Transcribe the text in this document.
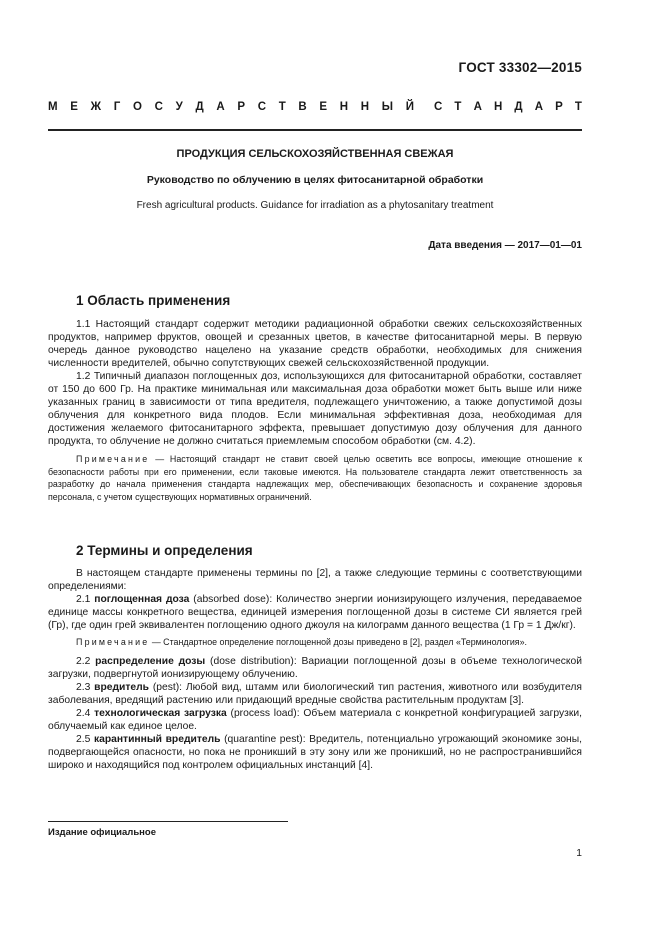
ГОСТ 33302—2015
М Е Ж Г О С У Д А Р С Т В Е Н Н Ы Й С Т А Н Д А Р Т
ПРОДУКЦИЯ СЕЛЬСКОХОЗЯЙСТВЕННАЯ СВЕЖАЯ
Руководство по облучению в целях фитосанитарной обработки
Fresh agricultural products. Guidance for irradiation as a phytosanitary treatment
Дата введения — 2017—01—01
1 Область применения

1.1 Настоящий стандарт содержит методики радиационной обработки свежих сельскохозяйственных продуктов, например фруктов, овощей и срезанных цветов, в качестве фитосанитарной меры. В первую очередь данное руководство нацелено на указание средств обработки, необходимых для снижения численности вредителей, обычно сопутствующих свежей сельскохозяйственной продукции.

1.2 Типичный диапазон поглощенных доз, использующихся для фитосанитарной обработки, составляет от 150 до 600 Гр. На практике минимальная или максимальная доза обработки может быть выше или ниже указанных границ в зависимости от типа вредителя, подлежащего уничтожению, а также допустимой дозы облучения для конкретного вида плодов. Если минимальная эффективная доза, необходимая для достижения желаемого фитосанитарного эффекта, превышает допустимую дозу облучения для данного продукта, то облучение не должно считаться приемлемым способом обработки (см. 4.2).

Примечание — Настоящий стандарт не ставит своей целью осветить все вопросы, имеющие отношение к безопасности работы при его применении, если таковые имеются. На пользователе стандарта лежит ответственность за разработку до начала применения стандарта надлежащих мер, обеспечивающих безопасность и сохранение здоровья персонала, с учетом существующих нормативных ограничений.

2 Термины и определения

В настоящем стандарте применены термины по [2], а также следующие термины с соответствующими определениями:

2.1 поглощенная доза (absorbed dose): Количество энергии ионизирующего излучения, передаваемое единице массы конкретного вещества, единицей измерения поглощенной дозы в системе СИ является грей (Гр), где один грей эквивалентен поглощению одного джоуля на килограмм данного вещества (1 Гр = 1 Дж/кг).

Примечание — Стандартное определение поглощенной дозы приведено в [2], раздел «Терминология».

2.2 распределение дозы (dose distribution): Вариации поглощенной дозы в объеме технологической загрузки, подвергнутой ионизирующему облучению.

2.3 вредитель (pest): Любой вид, штамм или биологический тип растения, животного или возбудителя заболевания, вредящий растению или придающий вредные свойства растительным продуктам [3].

2.4 технологическая загрузка (process load): Объем материала с конкретной конфигурацией загрузки, облучаемый как единое целое.

2.5 карантинный вредитель (quarantine pest): Вредитель, потенциально угрожающий экономике зоны, подвергающейся опасности, но пока не проникший в эту зону или же проникший, но не распространившийся широко и находящийся под контролем официальных инстанций [4].

Издание официальное
1
